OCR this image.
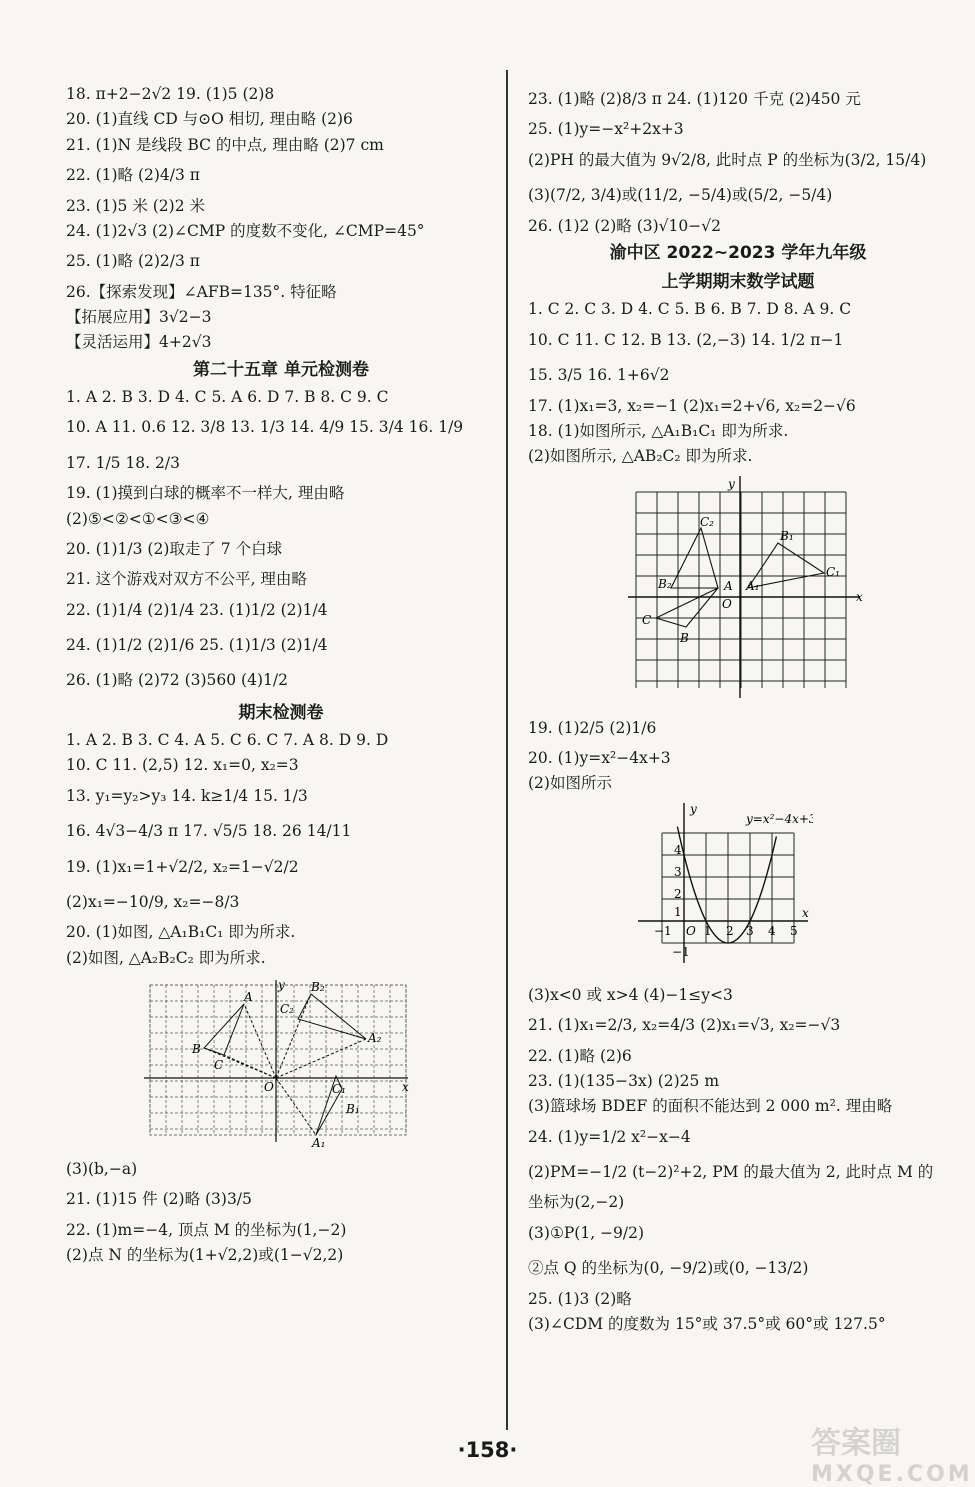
18. π+2−2√2 19. (1)5 (2)8
20. (1)直线 CD 与⊙O 相切, 理由略 (2)6
21. (1)N 是线段 BC 的中点, 理由略 (2)7 cm
22. (1)略 (2)4/3 π
23. (1)5 米 (2)2 米
24. (1)2√3 (2)∠CMP 的度数不变化, ∠CMP=45°
25. (1)略 (2)2/3 π
26.【探索发现】∠AFB=135°. 特征略
【拓展应用】3√2−3
【灵活运用】4+2√3
第二十五章 单元检测卷
1. A 2. B 3. D 4. C 5. A 6. D 7. B 8. C 9. C
10. A 11. 0.6 12. 3/8 13. 1/3 14. 4/9 15. 3/4 16. 1/9
17. 1/5 18. 2/3
19. (1)摸到白球的概率不一样大, 理由略
(2)⑤<②<①<③<④
20. (1)1/3 (2)取走了 7 个白球
21. 这个游戏对双方不公平, 理由略
22. (1)1/4 (2)1/4 23. (1)1/2 (2)1/4
24. (1)1/2 (2)1/6 25. (1)1/3 (2)1/4
26. (1)略 (2)72 (3)560 (4)1/2
期末检测卷
1. A 2. B 3. C 4. A 5. C 6. C 7. A 8. D 9. D
10. C 11. (2,5) 12. x₁=0, x₂=3
13. y₁=y₂>y₃ 14. k≥1/4 15. 1/3
16. 4√3−4/3 π 17. √5/5 18. 26 14/11
19. (1)x₁=1+√2/2, x₂=1−√2/2
(2)x₁=−10/9, x₂=−8/3
20. (1)如图, △A₁B₁C₁ 即为所求.
(2)如图, △A₂B₂C₂ 即为所求.
y
x
O
A
B
C
A₁
B₁
C₁
A₂
B₂
C₂
(3)(b,−a)
21. (1)15 件 (2)略 (3)3/5
22. (1)m=−4, 顶点 M 的坐标为(1,−2)
(2)点 N 的坐标为(1+√2,2)或(1−√2,2)
23. (1)略 (2)8/3 π 24. (1)120 千克 (2)450 元
25. (1)y=−x²+2x+3
(2)PH 的最大值为 9√2/8, 此时点 P 的坐标为(3/2, 15/4)
(3)(7/2, 3/4)或(11/2, −5/4)或(5/2, −5/4)
26. (1)2 (2)略 (3)√10−√2
渝中区 2022~2023 学年九年级
上学期期末数学试题
1. C 2. C 3. D 4. C 5. B 6. B 7. D 8. A 9. C
10. C 11. C 12. B 13. (2,−3) 14. 1/2 π−1
15. 3/5 16. 1+6√2
17. (1)x₁=3, x₂=−1 (2)x₁=2+√6, x₂=2−√6
18. (1)如图所示, △A₁B₁C₁ 即为所求.
(2)如图所示, △AB₂C₂ 即为所求.
y
x
O
A
B
C
A₁
B₁
C₁
B₂
C₂
19. (1)2/5 (2)1/6
20. (1)y=x²−4x+3
(2)如图所示
y
x
O
y=x²−4x+3
4
3
2
1
−1	1 2 3 4 5
−1
(3)x<0 或 x>4 (4)−1≤y<3
21. (1)x₁=2/3, x₂=4/3 (2)x₁=√3, x₂=−√3
22. (1)略 (2)6
23. (1)(135−3x) (2)25 m
(3)篮球场 BDEF 的面积不能达到 2 000 m². 理由略
24. (1)y=1/2 x²−x−4
(2)PM=−1/2 (t−2)²+2, PM 的最大值为 2, 此时点 M 的
坐标为(2,−2)
(3)①P(1, −9/2)
②点 Q 的坐标为(0, −9/2)或(0, −13/2)
25. (1)3 (2)略
(3)∠CDM 的度数为 15°或 37.5°或 60°或 127.5°
·158·	答案圈
MXQE.COM
